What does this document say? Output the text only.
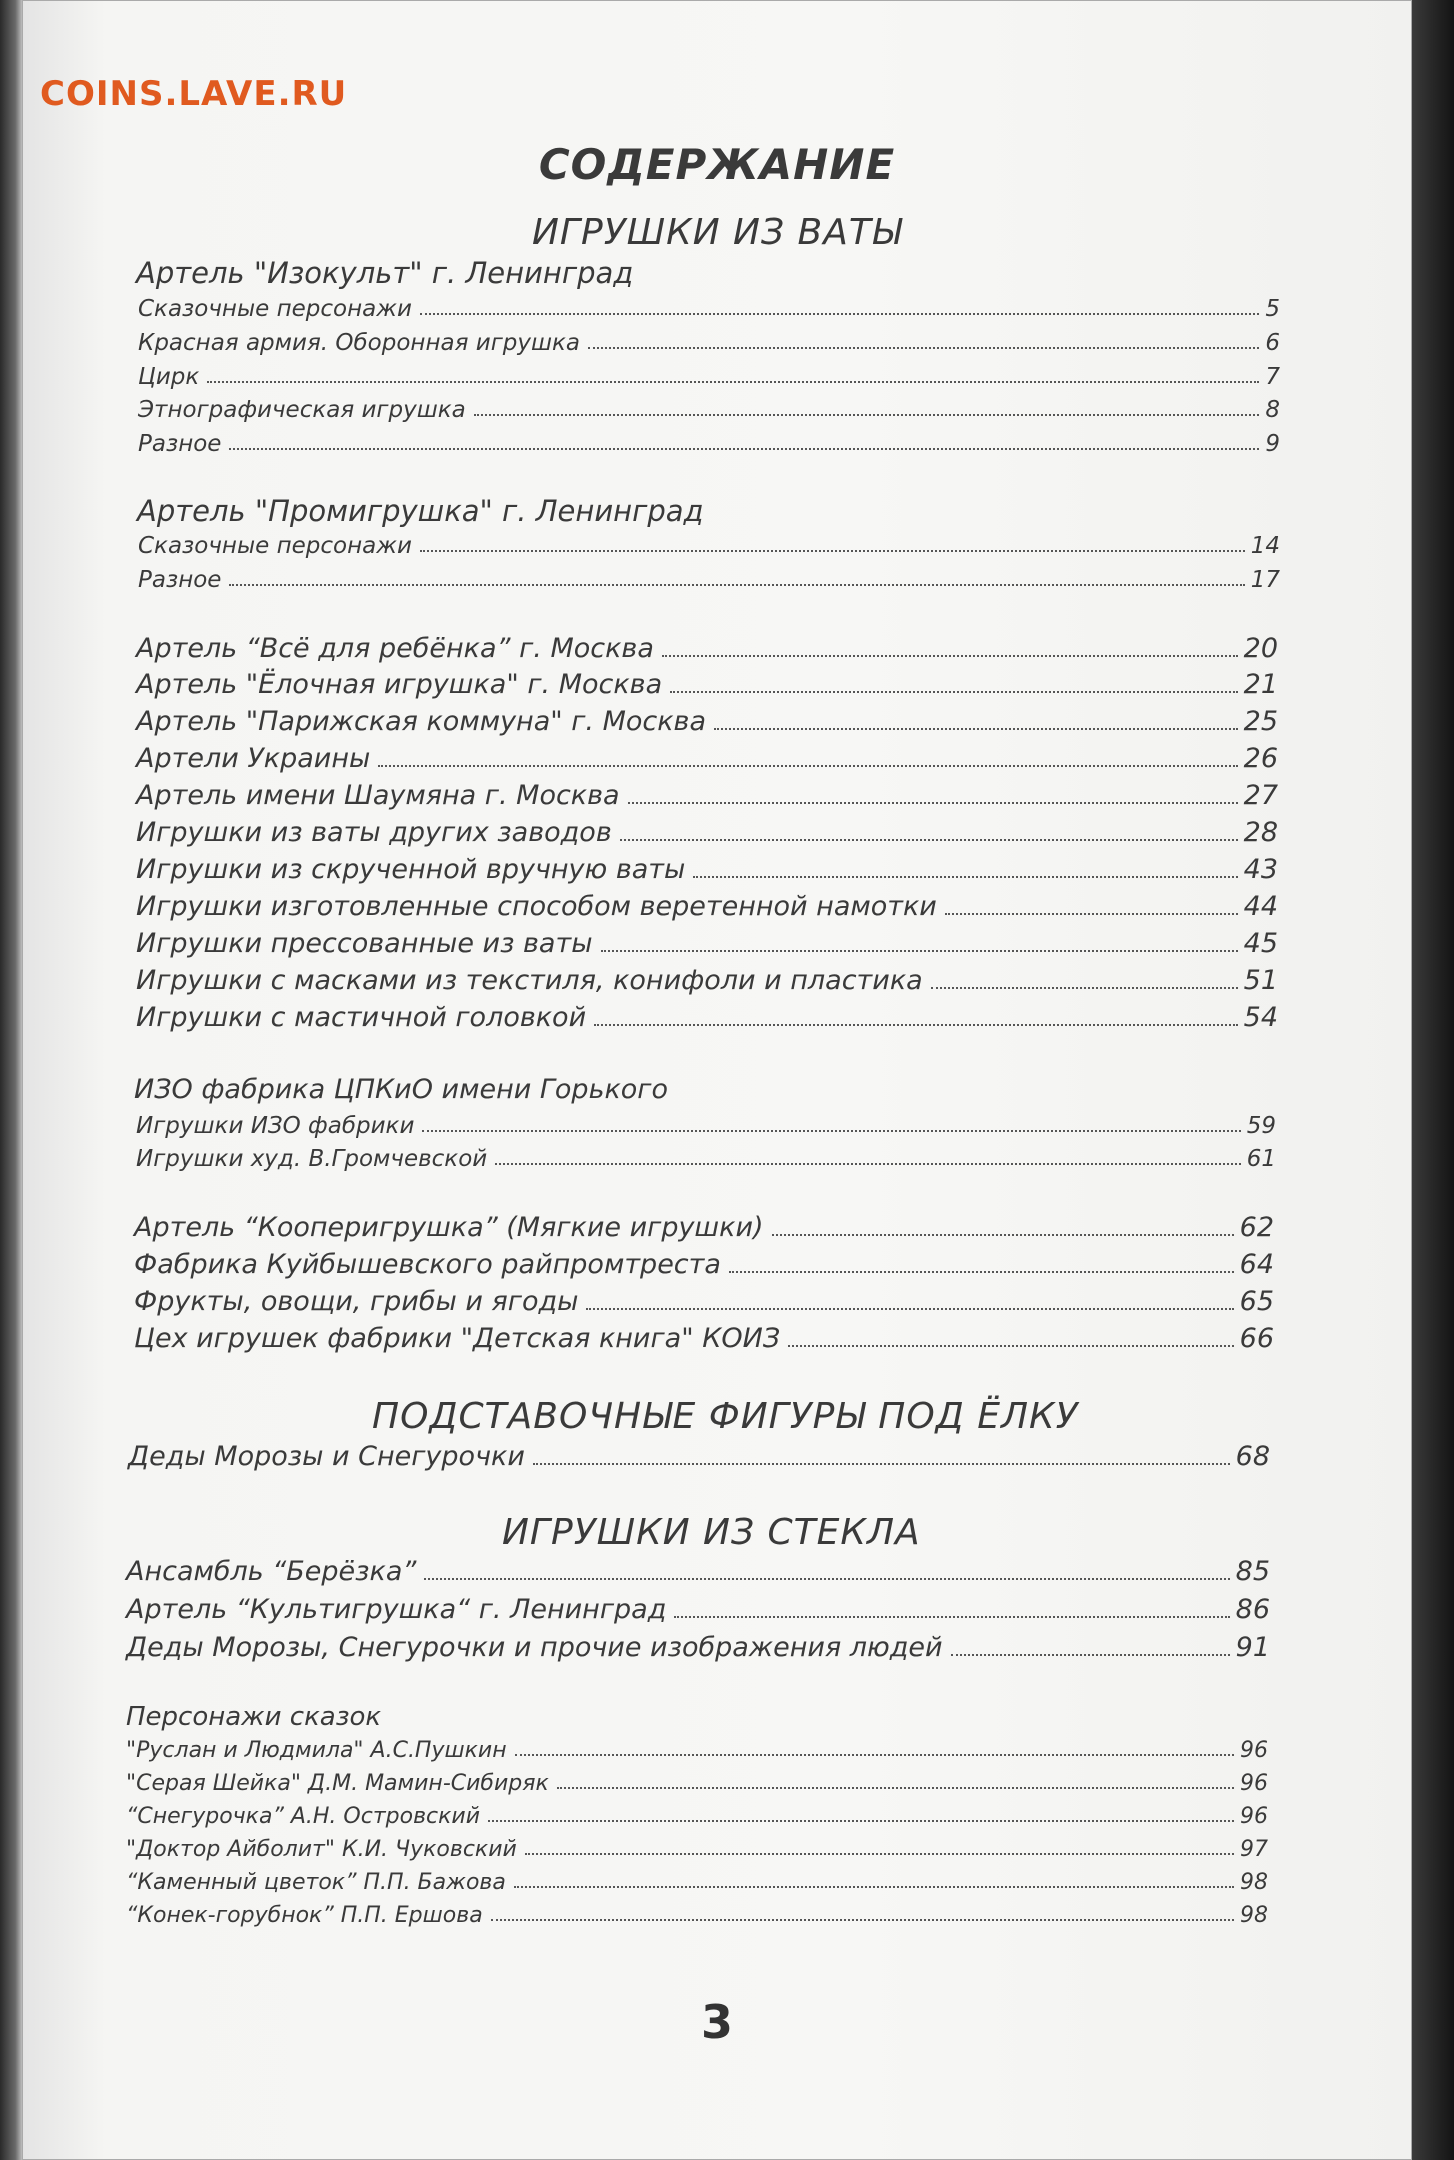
СОДЕРЖАНИЕ
ИГРУШКИ ИЗ ВАТЫ
Артель "Изокульт" г. Ленинград
Сказочные персонажи	5
Красная армия. Оборонная игрушка	6
Цирк	7
Этнографическая игрушка	8
Разное	9
Артель "Промигрушка" г. Ленинград
Сказочные персонажи	14
Разное	17
Артель “Всё для ребёнка” г. Москва	20
Артель "Ёлочная игрушка" г. Москва	21
Артель "Парижская коммуна" г. Москва	25
Артели Украины	26
Артель имени Шаумяна г. Москва	27
Игрушки из ваты других заводов	28
Игрушки из скрученной вручную ваты	43
Игрушки изготовленные способом веретенной намотки	44
Игрушки прессованные из ваты	45
Игрушки с масками из текстиля, конифоли и пластика	51
Игрушки с мастичной головкой	54
ИЗО фабрика ЦПКиО имени Горького
Игрушки ИЗО фабрики	59
Игрушки худ. В.Громчевской	61
Артель “Кооперигрушка” (Мягкие игрушки)	62
Фабрика Куйбышевского райпромтреста	64
Фрукты, овощи, грибы и ягоды	65
Цех игрушек фабрики "Детская книга" КОИЗ	66
ПОДСТАВОЧНЫЕ ФИГУРЫ ПОД ЁЛКУ
Деды Морозы и Снегурочки	68
ИГРУШКИ ИЗ СТЕКЛА
Ансамбль “Берёзка”	85
Артель “Культигрушка“ г. Ленинград	86
Деды Морозы, Снегурочки и прочие изображения людей	91
Персонажи сказок
"Руслан и Людмила" А.С.Пушкин	96
"Серая Шейка" Д.М. Мамин-Сибиряк	96
“Снегурочка” А.Н. Островский	96
"Доктор Айболит" К.И. Чуковский	97
“Каменный цветок” П.П. Бажова	98
“Конек-горубнок” П.П. Ершова	98
3
COINS.LAVE.RU
